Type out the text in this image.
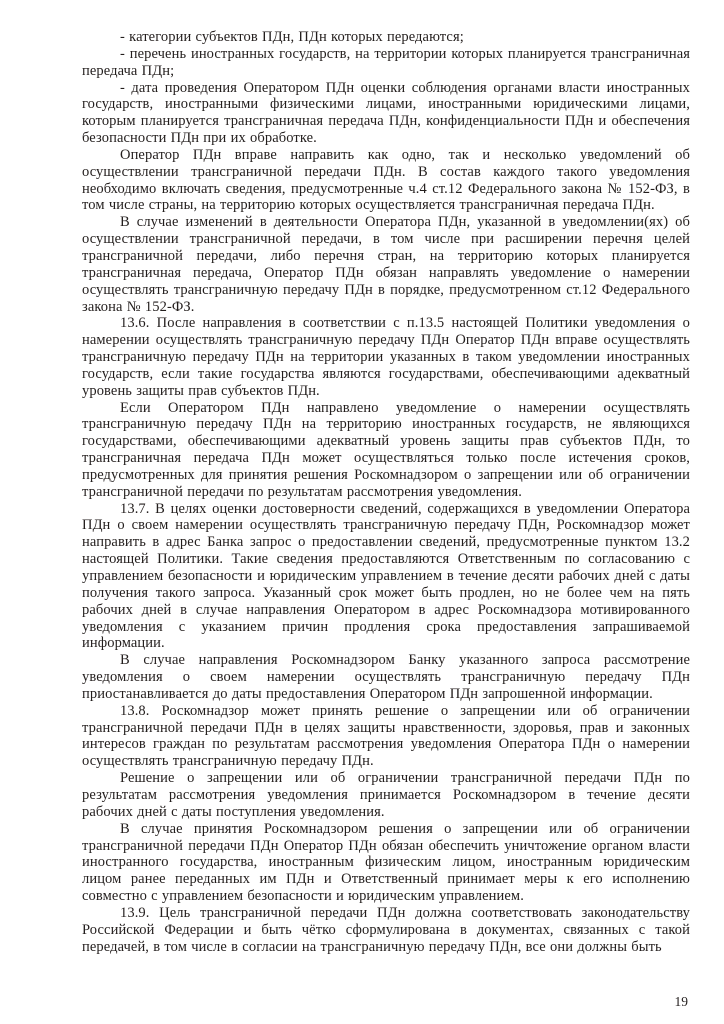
- категории субъектов ПДн, ПДн которых передаются;

- перечень иностранных государств, на территории которых планируется трансграничная передача ПДн;

- дата проведения Оператором ПДн оценки соблюдения органами власти иностранных государств, иностранными физическими лицами, иностранными юридическими лицами, которым планируется трансграничная передача ПДн, конфиденциальности ПДн и обеспечения безопасности ПДн при их обработке.

Оператор ПДн вправе направить как одно, так и несколько уведомлений об осуществлении трансграничной передачи ПДн. В состав каждого такого уведомления необходимо включать сведения, предусмотренные ч.4 ст.12 Федерального закона № 152-ФЗ, в том числе страны, на территорию которых осуществляется трансграничная передача ПДн.

В случае изменений в деятельности Оператора ПДн, указанной в уведомлении(ях) об осуществлении трансграничной передачи, в том числе при расширении перечня целей трансграничной передачи, либо перечня стран, на территорию которых планируется трансграничная передача, Оператор ПДн обязан направлять уведомление о намерении осуществлять трансграничную передачу ПДн в порядке, предусмотренном ст.12 Федерального закона № 152-ФЗ.

13.6. После направления в соответствии с п.13.5 настоящей Политики уведомления о намерении осуществлять трансграничную передачу ПДн Оператор ПДн вправе осуществлять трансграничную передачу ПДн на территории указанных в таком уведомлении иностранных государств, если такие государства являются государствами, обеспечивающими адекватный уровень защиты прав субъектов ПДн.

Если Оператором ПДн направлено уведомление о намерении осуществлять трансграничную передачу ПДн на территорию иностранных государств, не являющихся государствами, обеспечивающими адекватный уровень защиты прав субъектов ПДн, то трансграничная передача ПДн может осуществляться только после истечения сроков, предусмотренных для принятия решения Роскомнадзором о запрещении или об ограничении трансграничной передачи по результатам рассмотрения уведомления.

13.7. В целях оценки достоверности сведений, содержащихся в уведомлении Оператора ПДн о своем намерении осуществлять трансграничную передачу ПДн, Роскомнадзор может направить в адрес Банка запрос о предоставлении сведений, предусмотренные пунктом 13.2 настоящей Политики. Такие сведения предоставляются Ответственным по согласованию с управлением безопасности и юридическим управлением в течение десяти рабочих дней с даты получения такого запроса. Указанный срок может быть продлен, но не более чем на пять рабочих дней в случае направления Оператором в адрес Роскомнадзора мотивированного уведомления с указанием причин продления срока предоставления запрашиваемой информации.

В случае направления Роскомнадзором Банку указанного запроса рассмотрение уведомления о своем намерении осуществлять трансграничную передачу ПДн приостанавливается до даты предоставления Оператором ПДн запрошенной информации.

13.8. Роскомнадзор может принять решение о запрещении или об ограничении трансграничной передачи ПДн в целях защиты нравственности, здоровья, прав и законных интересов граждан по результатам рассмотрения уведомления Оператора ПДн о намерении осуществлять трансграничную передачу ПДн.

Решение о запрещении или об ограничении трансграничной передачи ПДн по результатам рассмотрения уведомления принимается Роскомнадзором в течение десяти рабочих дней с даты поступления уведомления.

В случае принятия Роскомнадзором решения о запрещении или об ограничении трансграничной передачи ПДн Оператор ПДн обязан обеспечить уничтожение органом власти иностранного государства, иностранным физическим лицом, иностранным юридическим лицом ранее переданных им ПДн и Ответственный принимает меры к его исполнению совместно с управлением безопасности и юридическим управлением.

13.9. Цель трансграничной передачи ПДн должна соответствовать законодательству Российской Федерации и быть чётко сформулирована в документах, связанных с такой передачей, в том числе в согласии на трансграничную передачу ПДн, все они должны быть

19
